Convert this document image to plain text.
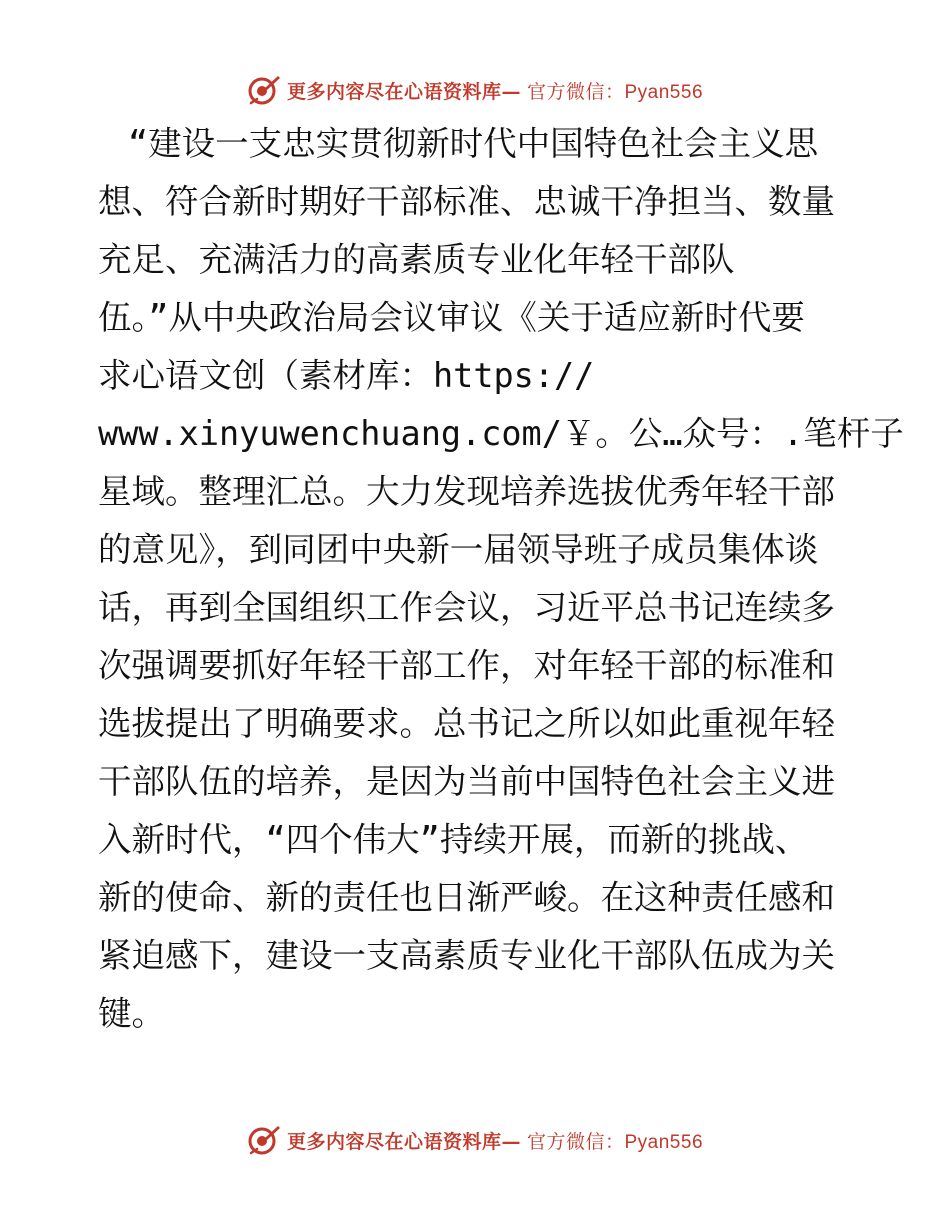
更多内容尽在心语资料库— 官方微信：Pyan556
“建设一支忠实贯彻新时代中国特色社会主义思
想、符合新时期好干部标准、忠诚干净担当、数量
充足、充满活力的高素质专业化年轻干部队
伍。”从中央政治局会议审议《关于适应新时代要
求心语文创（素材库：https://
www.xinyuwenchuang.com/￥。公…众号：.笔杆子
星域。整理汇总。大力发现培养选拔优秀年轻干部
的意见》，到同团中央新一届领导班子成员集体谈
话，再到全国组织工作会议，习近平总书记连续多
次强调要抓好年轻干部工作，对年轻干部的标准和
选拔提出了明确要求。总书记之所以如此重视年轻
干部队伍的培养，是因为当前中国特色社会主义进
入新时代，“四个伟大”持续开展，而新的挑战、
新的使命、新的责任也日渐严峻。在这种责任感和
紧迫感下，建设一支高素质专业化干部队伍成为关
键。
更多内容尽在心语资料库— 官方微信：Pyan556
